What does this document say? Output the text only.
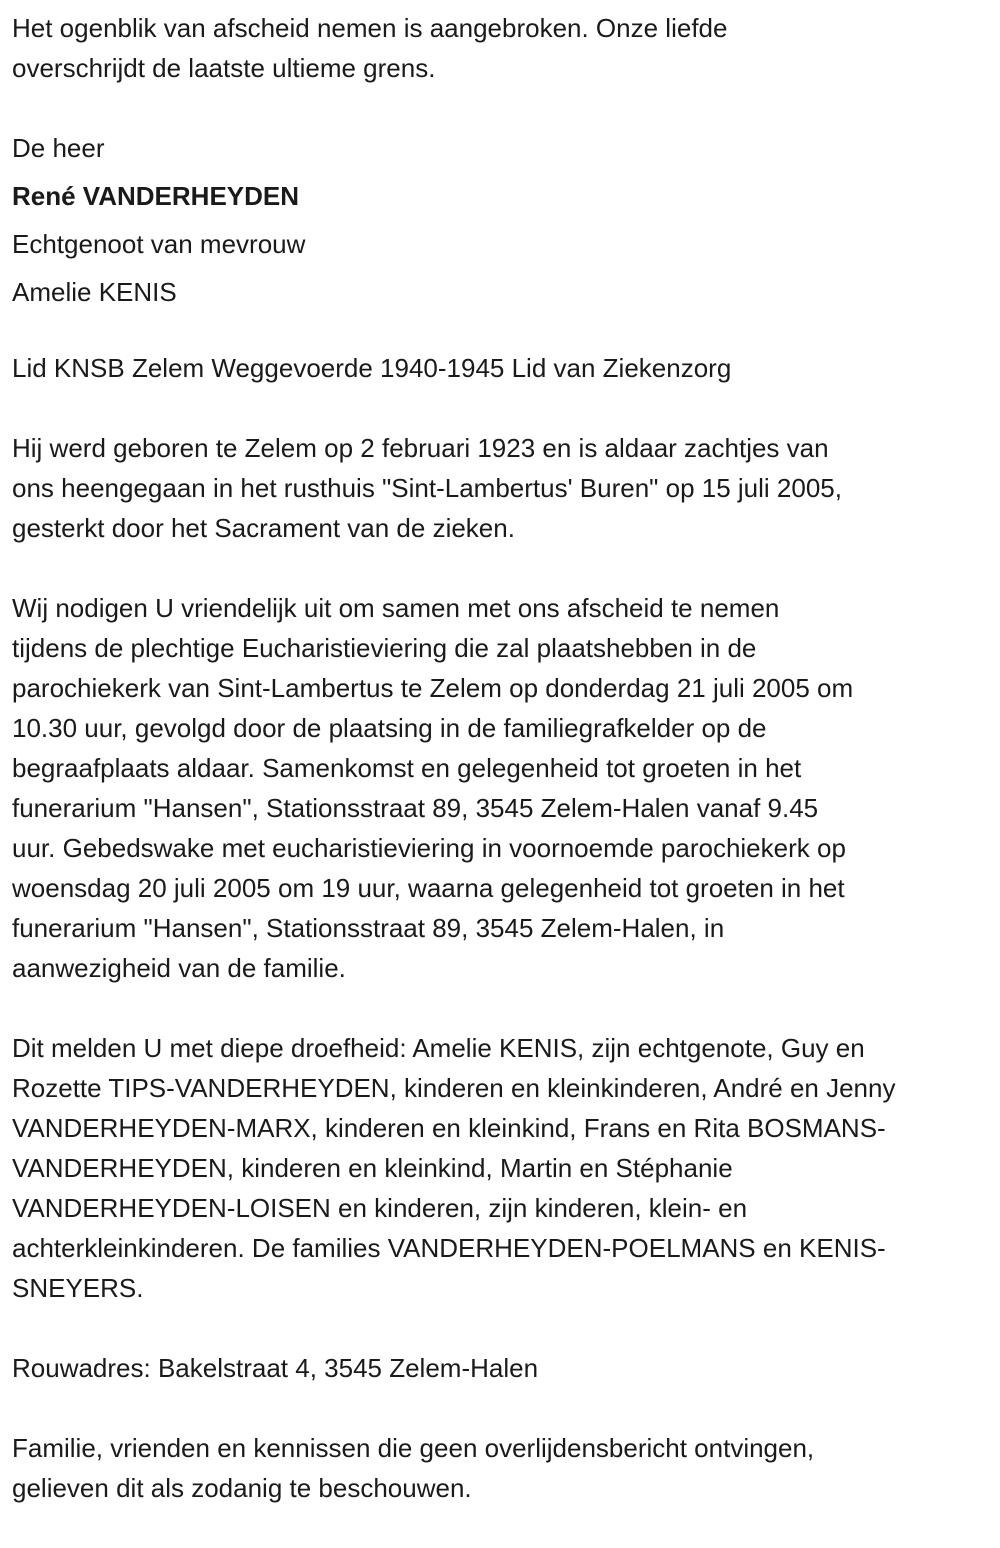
Het ogenblik van afscheid nemen is aangebroken. Onze liefde
overschrijdt de laatste ultieme grens.
De heer
René VANDERHEYDEN
Echtgenoot van mevrouw
Amelie KENIS
Lid KNSB Zelem Weggevoerde 1940-1945 Lid van Ziekenzorg
Hij werd geboren te Zelem op 2 februari 1923 en is aldaar zachtjes van
ons heengegaan in het rusthuis "Sint-Lambertus' Buren" op 15 juli 2005,
gesterkt door het Sacrament van de zieken.
Wij nodigen U vriendelijk uit om samen met ons afscheid te nemen
tijdens de plechtige Eucharistieviering die zal plaatshebben in de
parochiekerk van Sint-Lambertus te Zelem op donderdag 21 juli 2005 om
10.30 uur, gevolgd door de plaatsing in de familiegrafkelder op de
begraafplaats aldaar. Samenkomst en gelegenheid tot groeten in het
funerarium "Hansen", Stationsstraat 89, 3545 Zelem-Halen vanaf 9.45
uur. Gebedswake met eucharistieviering in voornoemde parochiekerk op
woensdag 20 juli 2005 om 19 uur, waarna gelegenheid tot groeten in het
funerarium "Hansen", Stationsstraat 89, 3545 Zelem-Halen, in
aanwezigheid van de familie.
Dit melden U met diepe droefheid: Amelie KENIS, zijn echtgenote, Guy en
Rozette TIPS-VANDERHEYDEN, kinderen en kleinkinderen, André en Jenny
VANDERHEYDEN-MARX, kinderen en kleinkind, Frans en Rita BOSMANS-
VANDERHEYDEN, kinderen en kleinkind, Martin en Stéphanie
VANDERHEYDEN-LOISEN en kinderen, zijn kinderen, klein- en
achterkleinkinderen. De families VANDERHEYDEN-POELMANS en KENIS-
SNEYERS.
Rouwadres: Bakelstraat 4, 3545 Zelem-Halen
Familie, vrienden en kennissen die geen overlijdensbericht ontvingen,
gelieven dit als zodanig te beschouwen.
